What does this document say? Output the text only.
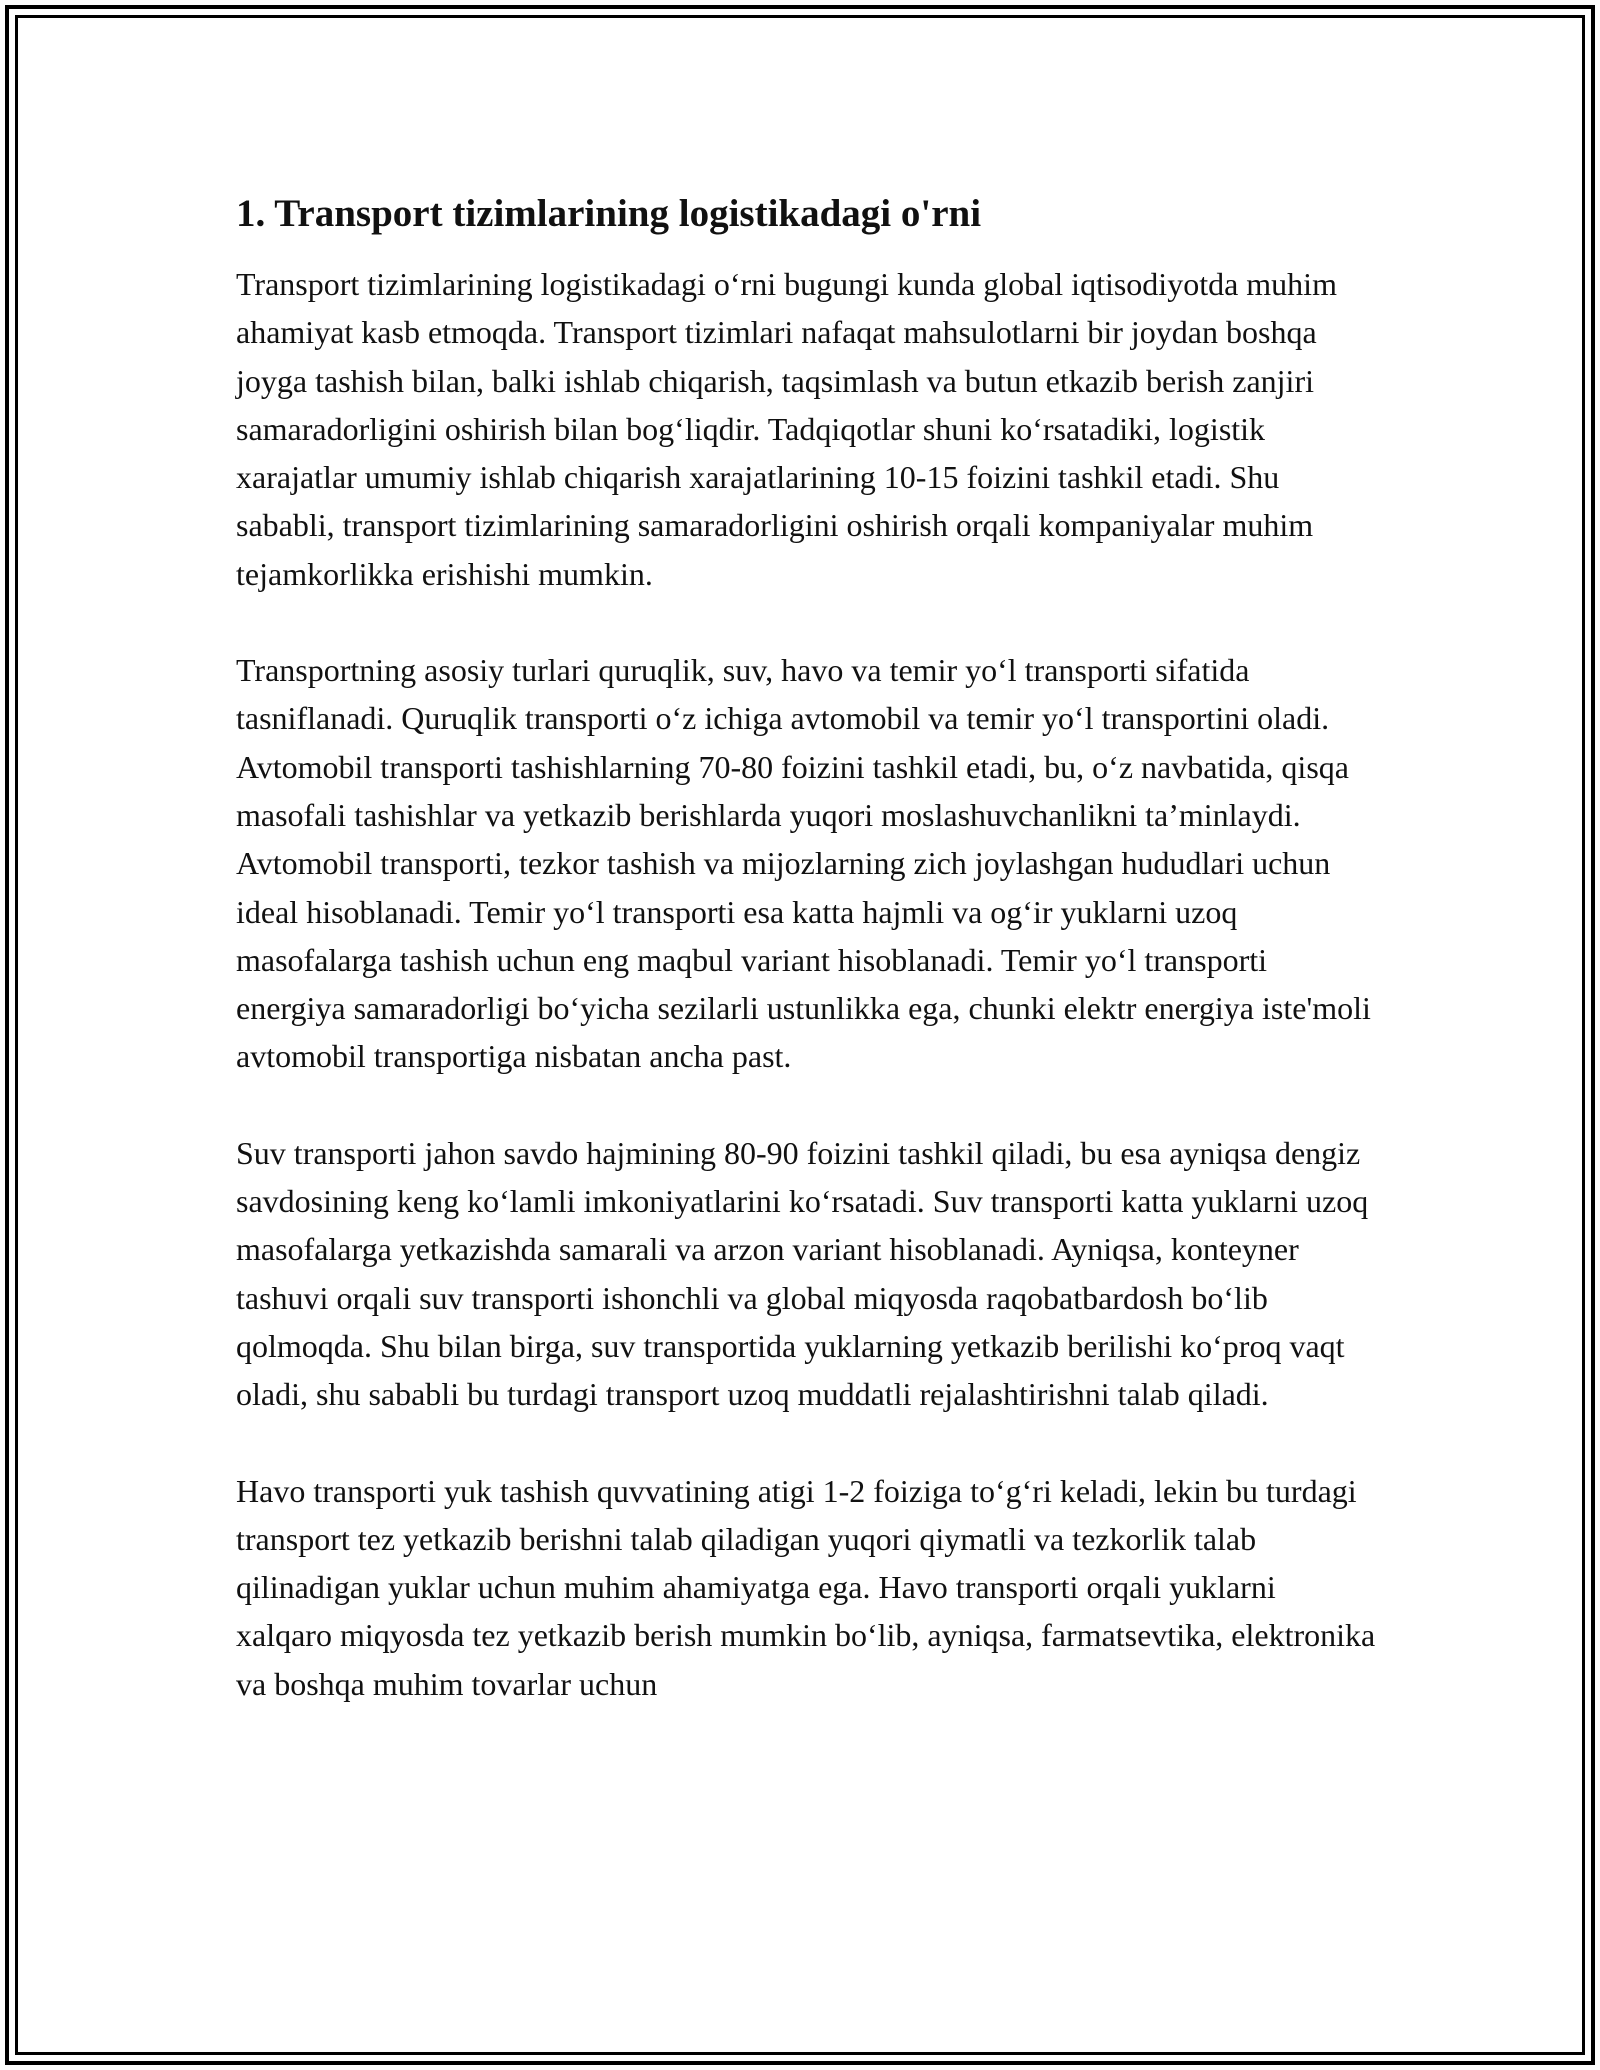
1. Transport tizimlarining logistikadagi o'rni

Transport tizimlarining logistikadagi o‘rni bugungi kunda global iqtisodiyotda muhim ahamiyat kasb etmoqda. Transport tizimlari nafaqat mahsulotlarni bir joydan boshqa joyga tashish bilan, balki ishlab chiqarish, taqsimlash va butun etkazib berish zanjiri samaradorligini oshirish bilan bog‘liqdir. Tadqiqotlar shuni ko‘rsatadiki, logistik xarajatlar umumiy ishlab chiqarish xarajatlarining 10-15 foizini tashkil etadi. Shu sababli, transport tizimlarining samaradorligini oshirish orqali kompaniyalar muhim tejamkorlikka erishishi mumkin.

Transportning asosiy turlari quruqlik, suv, havo va temir yo‘l transporti sifatida tasniflanadi. Quruqlik transporti o‘z ichiga avtomobil va temir yo‘l transportini oladi. Avtomobil transporti tashishlarning 70-80 foizini tashkil etadi, bu, o‘z navbatida, qisqa masofali tashishlar va yetkazib berishlarda yuqori moslashuvchanlikni ta’minlaydi. Avtomobil transporti, tezkor tashish va mijozlarning zich joylashgan hududlari uchun ideal hisoblanadi. Temir yo‘l transporti esa katta hajmli va og‘ir yuklarni uzoq masofalarga tashish uchun eng maqbul variant hisoblanadi. Temir yo‘l transporti energiya samaradorligi bo‘yicha sezilarli ustunlikka ega, chunki elektr energiya iste'moli avtomobil transportiga nisbatan ancha past.

Suv transporti jahon savdo hajmining 80-90 foizini tashkil qiladi, bu esa ayniqsa dengiz savdosining keng ko‘lamli imkoniyatlarini ko‘rsatadi. Suv transporti katta yuklarni uzoq masofalarga yetkazishda samarali va arzon variant hisoblanadi. Ayniqsa, konteyner tashuvi orqali suv transporti ishonchli va global miqyosda raqobatbardosh bo‘lib qolmoqda. Shu bilan birga, suv transportida yuklarning yetkazib berilishi ko‘proq vaqt oladi, shu sababli bu turdagi transport uzoq muddatli rejalashtirishni talab qiladi.

Havo transporti yuk tashish quvvatining atigi 1-2 foiziga to‘g‘ri keladi, lekin bu turdagi transport tez yetkazib berishni talab qiladigan yuqori qiymatli va tezkorlik talab qilinadigan yuklar uchun muhim ahamiyatga ega. Havo transporti orqali yuklarni xalqaro miqyosda tez yetkazib berish mumkin bo‘lib, ayniqsa, farmatsevtika, elektronika va boshqa muhim tovarlar uchun
